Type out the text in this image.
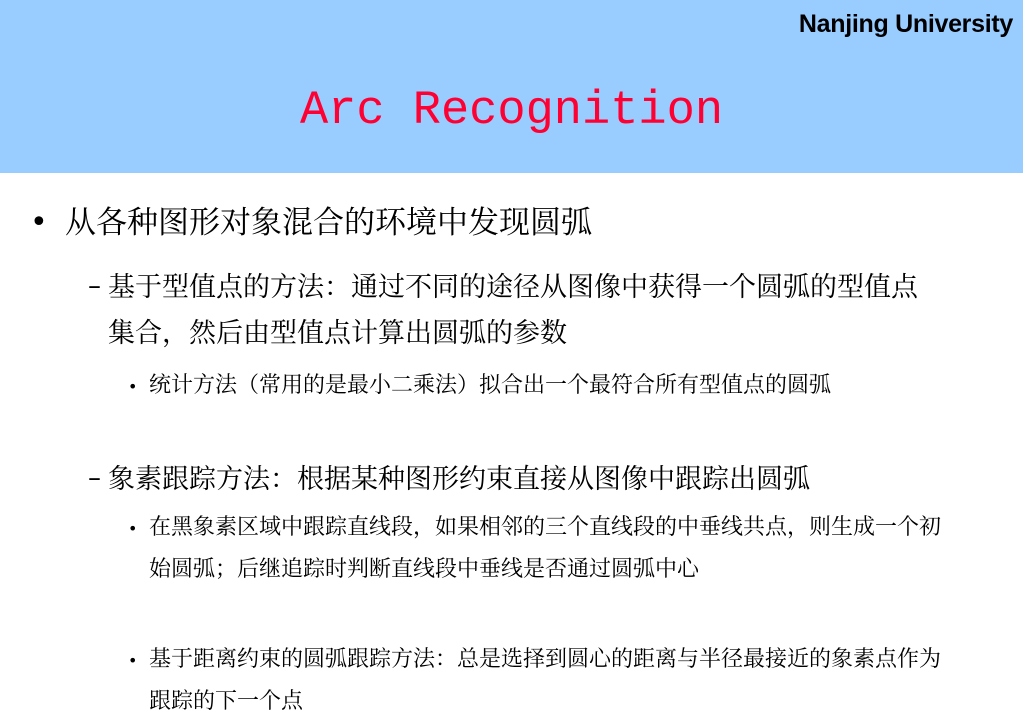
Nanjing University
Arc Recognition
• 从各种图形对象混合的环境中发现圆弧
– 基于型值点的方法：通过不同的途径从图像中获得一个圆弧的型值点集合，然后由型值点计算出圆弧的参数
• 统计方法（常用的是最小二乘法）拟合出一个最符合所有型值点的圆弧
– 象素跟踪方法：根据某种图形约束直接从图像中跟踪出圆弧
• 在黑象素区域中跟踪直线段，如果相邻的三个直线段的中垂线共点，则生成一个初始圆弧；后继追踪时判断直线段中垂线是否通过圆弧中心
• 基于距离约束的圆弧跟踪方法：总是选择到圆心的距离与半径最接近的象素点作为跟踪的下一个点
